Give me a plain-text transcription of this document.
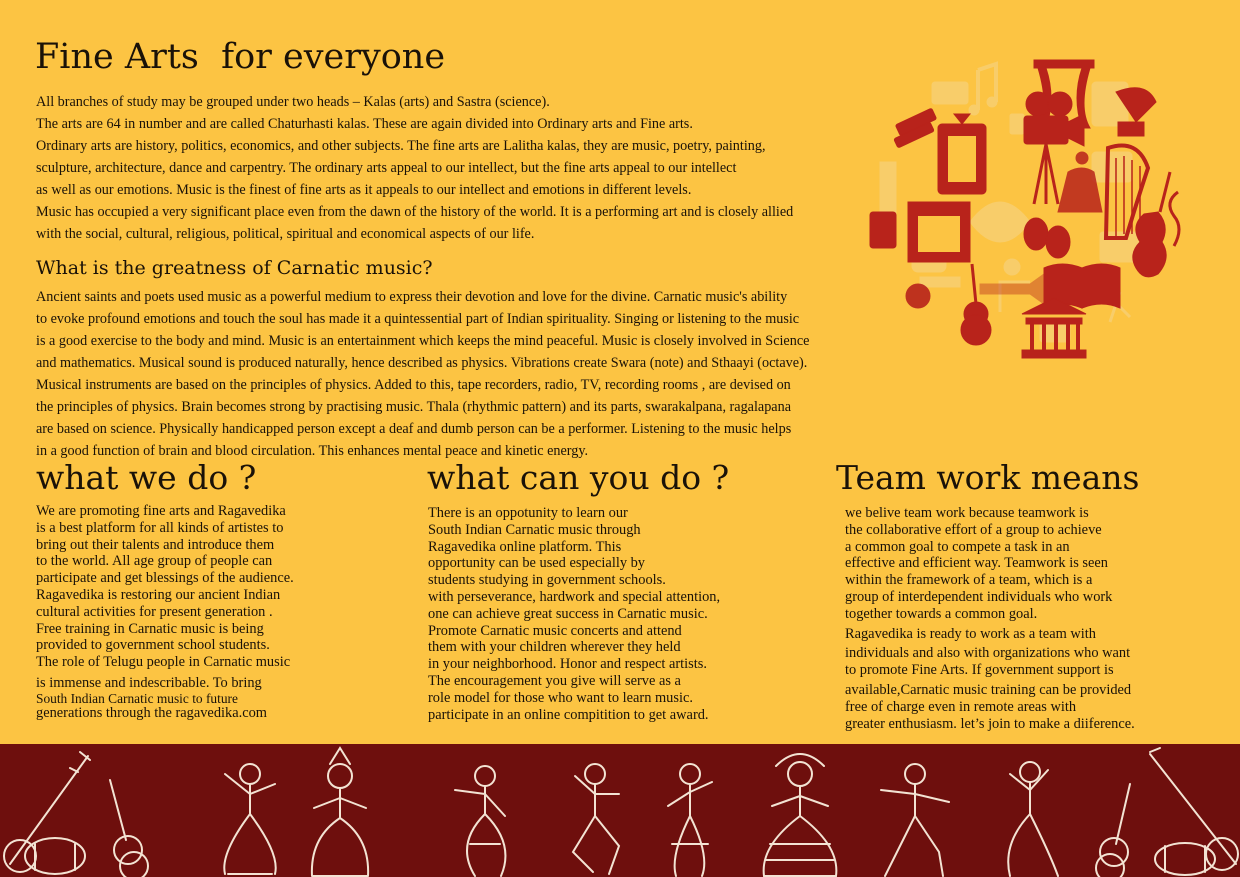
Fine Arts  for everyone

All branches of study may be grouped under two heads – Kalas (arts) and Sastra (science).

The arts are 64 in number and are called Chaturhasti kalas. These are again divided into Ordinary arts and Fine arts.

Ordinary arts are history, politics, economics, and other subjects. The fine arts are Lalitha kalas, they are music, poetry, painting,

sculpture, architecture, dance and carpentry. The ordinary arts appeal to our intellect, but the fine arts appeal to our intellect

as well as our emotions. Music is the finest of fine arts as it appeals to our intellect and emotions in different levels.

Music has occupied a very significant place even from the dawn of the history of the world. It is a performing art and is closely allied

with the social, cultural, religious, political, spiritual and economical aspects of our life.

What is the greatness of Carnatic music?

Ancient saints and poets used music as a powerful medium to express their devotion and love for the divine. Carnatic music's ability

to evoke profound emotions and touch the soul has made it a quintessential part of Indian spirituality. Singing or listening to the music

is a good exercise to the body and mind. Music is an entertainment which keeps the mind peaceful. Music is closely involved in Science

and mathematics. Musical sound is produced naturally, hence described as physics. Vibrations create Swara (note) and Sthaayi (octave).

Musical instruments are based on the principles of physics. Added to this, tape recorders, radio, TV, recording rooms , are devised on

the principles of physics. Brain becomes strong by practising music. Thala (rhythmic pattern) and its parts, swarakalpana, ragalapana

are based on science. Physically handicapped person except a deaf and dumb person can be a performer. Listening to the music helps

in a good function of brain and blood circulation. This enhances mental peace and kinetic energy.

what we do ?

We are promoting fine arts and Ragavedika

is a best platform for all kinds of artistes to

bring out their talents and introduce them

to the world. All age group of people can

participate and get blessings of the audience.

Ragavedika is restoring our ancient Indian

cultural activities for present generation .

Free training in Carnatic music is being

provided to government school students.

The role of Telugu people in Carnatic music

is immense and indescribable. To bring

South Indian Carnatic music to future

generations through the ragavedika.com

what can you do ?

There is an oppotunity to learn our

South Indian Carnatic music through

Ragavedika online platform. This

opportunity can be used especially by

students studying in government schools.

with perseverance, hardwork and special attention,

one can achieve great success in Carnatic music.

Promote Carnatic music concerts and attend

them with your children wherever they held

in your neighborhood. Honor and respect artists.

The encouragement you give will serve as a

role model for those who want to learn music.

participate in an online compitition to get award.

Team work means

we belive team work because teamwork is

the collaborative effort of a group to achieve

a common goal to compete a task in an

effective and efficient way. Teamwork is seen

within the framework of a team, which is a

group of interdependent individuals who work

together towards a common goal.

Ragavedika is ready to work as a team with

individuals and also with organizations who want

to promote Fine Arts. If government support is

available,Carnatic music training can be provided

free of charge even in remote areas with

greater enthusiasm. let’s join to make a diiference.
